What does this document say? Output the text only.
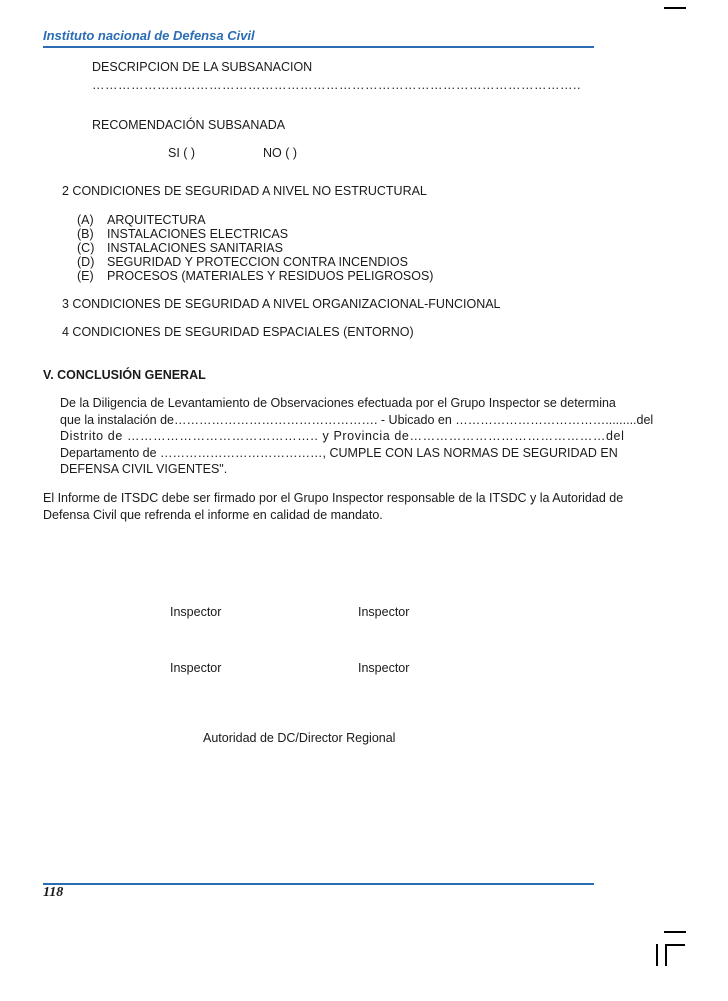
Instituto nacional de Defensa Civil
DESCRIPCION DE LA SUBSANACION
…………………………………………………………………………………………………..
RECOMENDACIÓN SUBSANADA
SI ( )	NO ( )
2 CONDICIONES DE SEGURIDAD A NIVEL NO ESTRUCTURAL
(A) ARQUITECTURA
(B) INSTALACIONES ELECTRICAS
(C) INSTALACIONES SANITARIAS
(D) SEGURIDAD Y PROTECCION CONTRA INCENDIOS
(E) PROCESOS (MATERIALES Y RESIDUOS PELIGROSOS)
3 CONDICIONES DE SEGURIDAD A NIVEL ORGANIZACIONAL-FUNCIONAL
4 CONDICIONES DE SEGURIDAD ESPACIALES (ENTORNO)
V. CONCLUSIÓN GENERAL
De la Diligencia de Levantamiento de Observaciones efectuada por el Grupo Inspector se determina
que la instalación de…………………………………………. - Ubicado en ……………………………….........del
Distrito de …………………………………….. y Provincia de………………………………………del
Departamento de …………………………………, CUMPLE CON LAS NORMAS DE SEGURIDAD EN
DEFENSA CIVIL VIGENTES".
El Informe de ITSDC debe ser firmado por el Grupo Inspector responsable de la ITSDC y la Autoridad de
Defensa Civil que refrenda el informe en calidad de mandato.
Inspector	Inspector
Inspector	Inspector
Autoridad de DC/Director Regional
118
